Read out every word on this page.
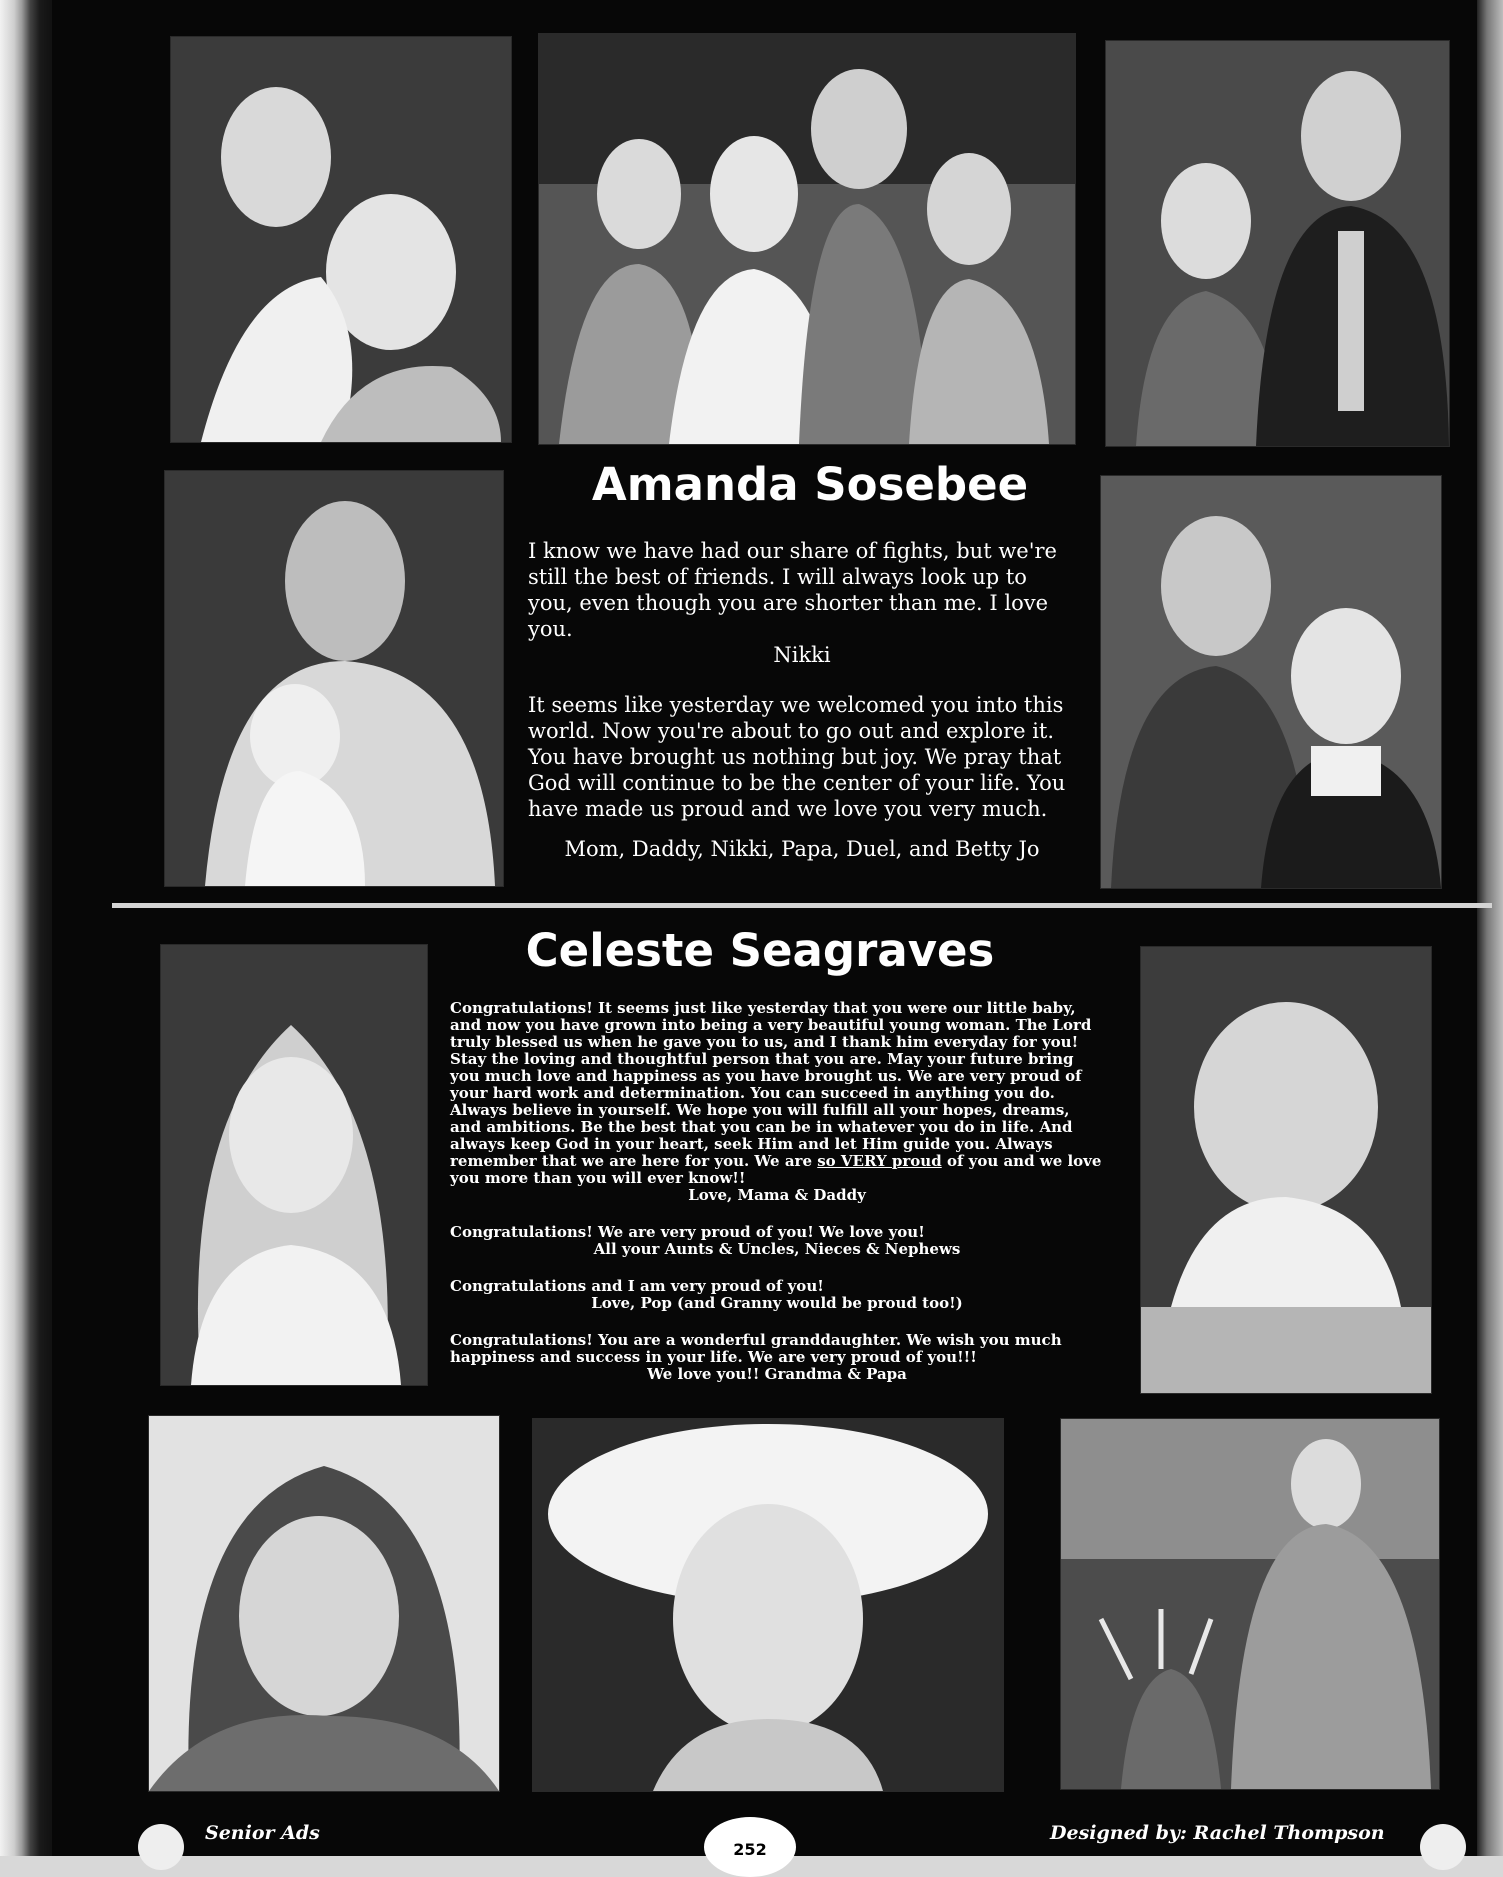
Amanda Sosebee

I know we have had our share of fights, but we're still the best of friends. I will always look up to you, even though you are shorter than me. I love you.

Nikki

It seems like yesterday we welcomed you into this world. Now you're about to go out and explore it. You have brought us nothing but joy. We pray that God will continue to be the center of your life. You have made us proud and we love you very much.

Mom, Daddy, Nikki, Papa, Duel, and Betty Jo

Celeste Seagraves

Congratulations! It seems just like yesterday that you were our little baby, and now you have grown into being a very beautiful young woman. The Lord truly blessed us when he gave you to us, and I thank him everyday for you! Stay the loving and thoughtful person that you are. May your future bring you much love and happiness as you have brought us. We are very proud of your hard work and determination. You can succeed in anything you do. Always believe in yourself. We hope you will fulfill all your hopes, dreams, and ambitions. Be the best that you can be in whatever you do in life. And always keep God in your heart, seek Him and let Him guide you. Always remember that we are here for you. We are so VERY proud of you and we love you more than you will ever know!!

Love, Mama & Daddy

Congratulations! We are very proud of you! We love you!

All your Aunts & Uncles, Nieces & Nephews

Congratulations and I am very proud of you!

Love, Pop (and Granny would be proud too!)

Congratulations! You are a wonderful granddaughter. We wish you much happiness and success in your life. We are very proud of you!!!

We love you!! Grandma & Papa

Senior Ads
252
Designed by: Rachel Thompson
